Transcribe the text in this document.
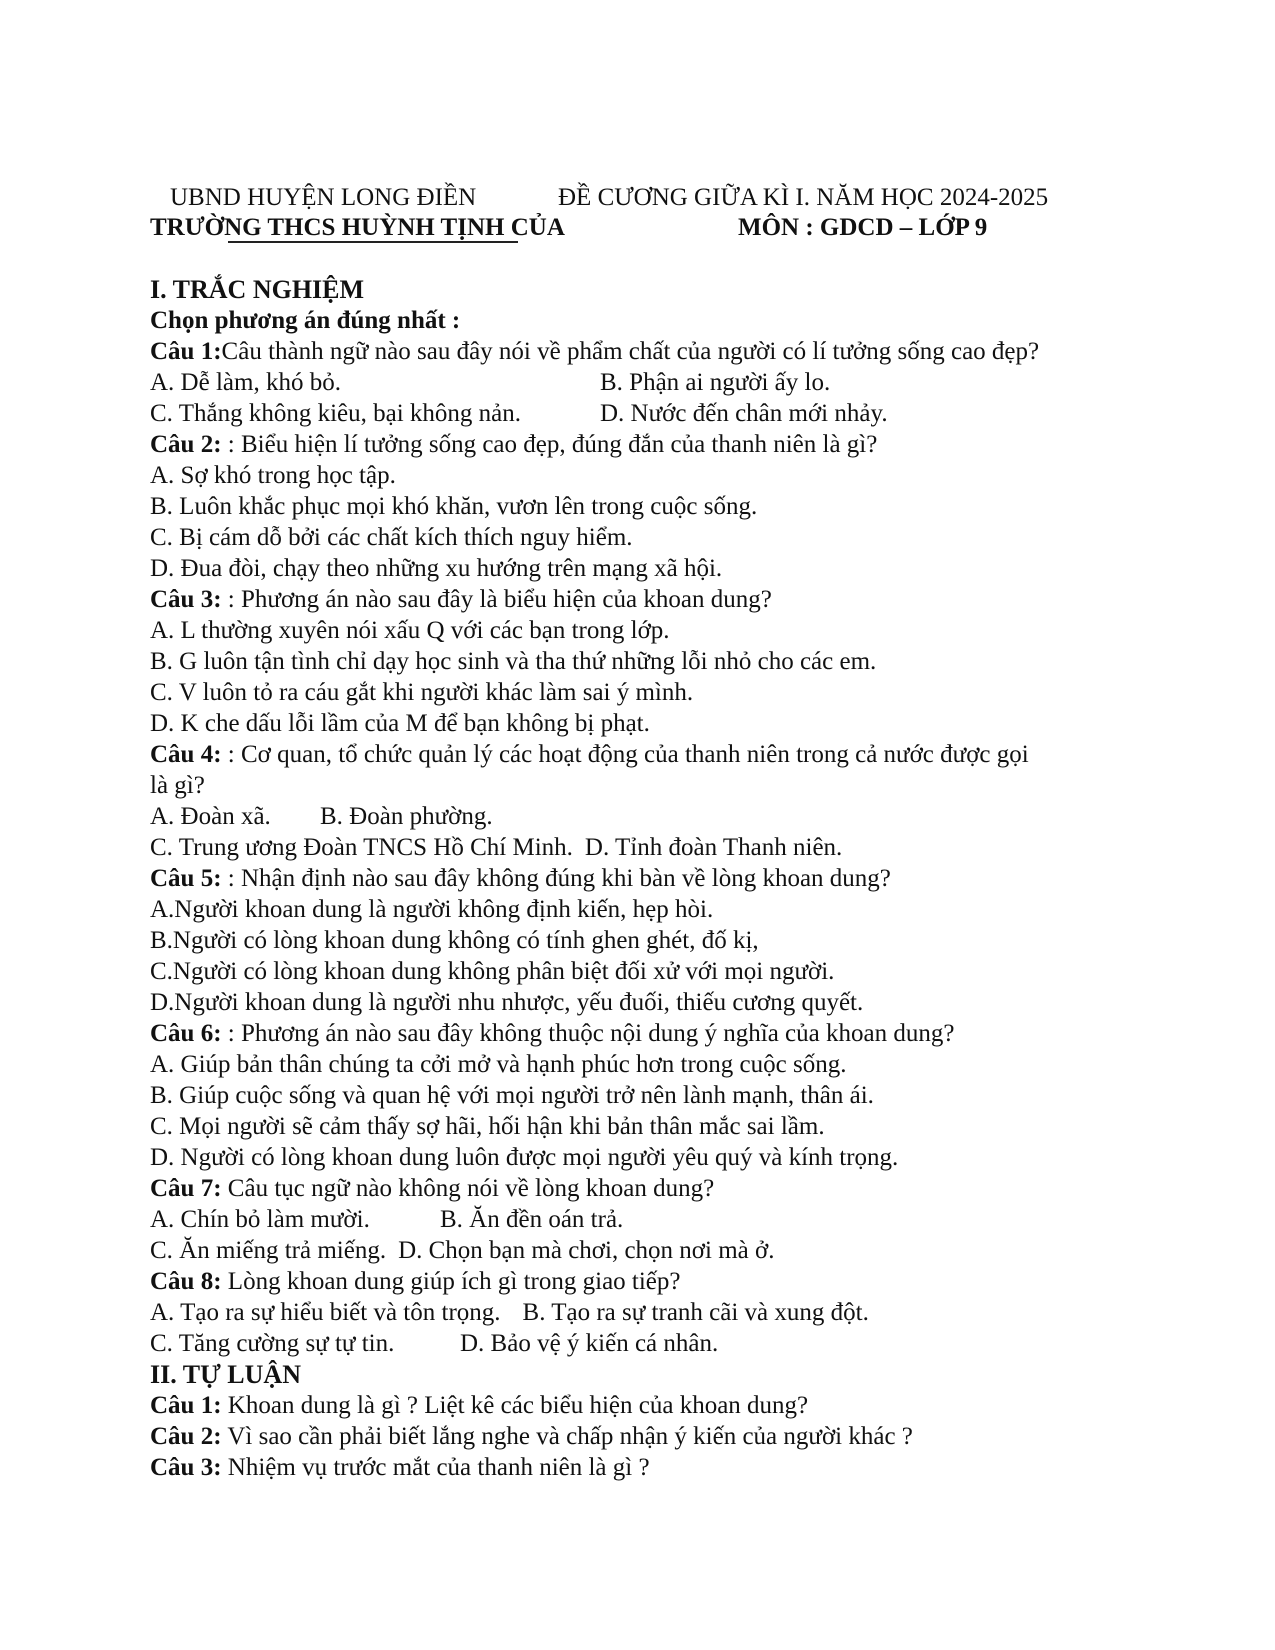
UBND HUYỆN LONG ĐIỀN	ĐỀ CƯƠNG GIỮA KÌ I. NĂM HỌC 2024-2025
TRƯỜNG THCS HUỲNH TỊNH CỦA	MÔN : GDCD – LỚP 9
I. TRẮC NGHIỆM
Chọn phương án đúng nhất :
Câu 1:Câu thành ngữ nào sau đây nói về phẩm chất của người có lí tưởng sống cao đẹp?
A. Dễ làm, khó bỏ.	B. Phận ai người ấy lo.
C. Thắng không kiêu, bại không nản.	D. Nước đến chân mới nhảy.
Câu 2: : Biểu hiện lí tưởng sống cao đẹp, đúng đắn của thanh niên là gì?
A. Sợ khó trong học tập.
B. Luôn khắc phục mọi khó khăn, vươn lên trong cuộc sống.
C. Bị cám dỗ bởi các chất kích thích nguy hiểm.
D. Đua đòi, chạy theo những xu hướng trên mạng xã hội.
Câu 3: : Phương án nào sau đây là biểu hiện của khoan dung?
A. L thường xuyên nói xấu Q với các bạn trong lớp.
B. G luôn tận tình chỉ dạy học sinh và tha thứ những lỗi nhỏ cho các em.
C. V luôn tỏ ra cáu gắt khi người khác làm sai ý mình.
D. K che dấu lỗi lầm của M để bạn không bị phạt.
Câu 4: : Cơ quan, tổ chức quản lý các hoạt động của thanh niên trong cả nước được gọi
là gì?
A. Đoàn xã.	B. Đoàn phường.
C. Trung ương Đoàn TNCS Hồ Chí Minh. D. Tỉnh đoàn Thanh niên.
Câu 5: : Nhận định nào sau đây không đúng khi bàn về lòng khoan dung?
A.Người khoan dung là người không định kiến, hẹp hòi.
B.Người có lòng khoan dung không có tính ghen ghét, đố kị,
C.Người có lòng khoan dung không phân biệt đối xử với mọi người.
D.Người khoan dung là người nhu nhược, yếu đuối, thiếu cương quyết.
Câu 6: : Phương án nào sau đây không thuộc nội dung ý nghĩa của khoan dung?
A. Giúp bản thân chúng ta cởi mở và hạnh phúc hơn trong cuộc sống.
B. Giúp cuộc sống và quan hệ với mọi người trở nên lành mạnh, thân ái.
C. Mọi người sẽ cảm thấy sợ hãi, hối hận khi bản thân mắc sai lầm.
D. Người có lòng khoan dung luôn được mọi người yêu quý và kính trọng.
Câu 7: Câu tục ngữ nào không nói về lòng khoan dung?
A. Chín bỏ làm mười.	B. Ăn đền oán trả.
C. Ăn miếng trả miếng. D. Chọn bạn mà chơi, chọn nơi mà ở.
Câu 8: Lòng khoan dung giúp ích gì trong giao tiếp?
A. Tạo ra sự hiểu biết và tôn trọng. B. Tạo ra sự tranh cãi và xung đột.
C. Tăng cường sự tự tin.	D. Bảo vệ ý kiến cá nhân.
II. TỰ LUẬN
Câu 1: Khoan dung là gì ? Liệt kê các biểu hiện của khoan dung?
Câu 2: Vì sao cần phải biết lắng nghe và chấp nhận ý kiến của người khác ?
Câu 3: Nhiệm vụ trước mắt của thanh niên là gì ?
